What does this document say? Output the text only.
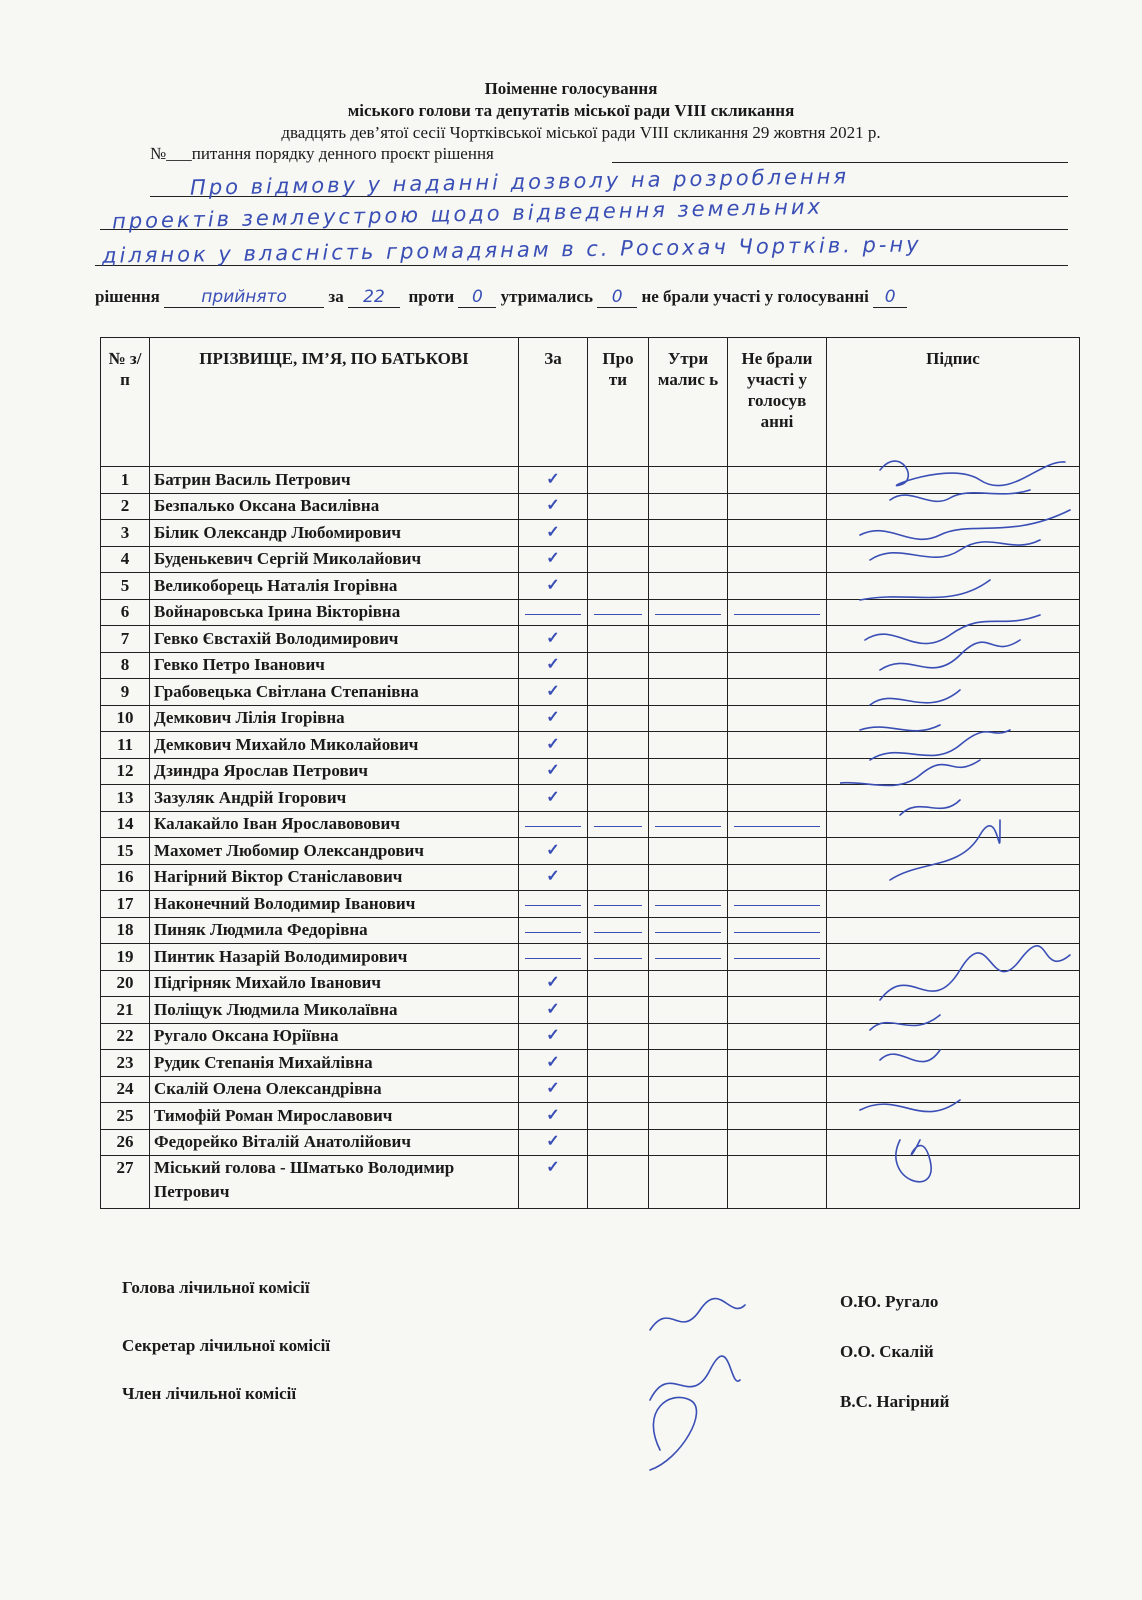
Поіменне голосування
міського голови та депутатів міської ради VIII скликання
двадцять дев’ятої сесії Чортківської міської ради VIII скликання 29 жовтня 2021 р.
№___питання порядку денного проєкт рішення
Про відмову у наданні дозволу на розроблення
проектів землеустрою щодо відведення земельних
ділянок у власність громадянам в с. Росохач Чортків. р-ну
рішення прийнято за 22 проти 0 утримались 0 не брали участі у голосуванні 0
№ з/п	ПРІЗВИЩЕ, ІМ’Я, ПО БАТЬКОВІ	За	Про ти	Утри малис ь	Не брали участі у голосув анні	Підпис
1	Батрин Василь Петрович	✓				
2	Безпалько Оксана Василівна	✓				
3	Білик Олександр Любомирович	✓				
4	Буденькевич Сергій Миколайович	✓				
5	Великоборець Наталія Ігорівна	✓				
6	Войнаровська Ірина Вікторівна					
7	Гевко Євстахій Володимирович	✓				
8	Гевко Петро Іванович	✓				
9	Грабовецька Світлана Степанівна	✓				
10	Демкович Лілія Ігорівна	✓				
11	Демкович Михайло Миколайович	✓				
12	Дзиндра Ярослав Петрович	✓				
13	Зазуляк Андрій Ігорович	✓				
14	Калакайло Іван Ярославовович					
15	Махомет Любомир Олександрович	✓				
16	Нагірний Віктор Станіславович	✓				
17	Наконечний Володимир Іванович					
18	Пиняк Людмила Федорівна					
19	Пинтик Назарій Володимирович					
20	Підгірняк Михайло Іванович	✓				
21	Поліщук Людмила Миколаївна	✓				
22	Ругало Оксана Юріївна	✓				
23	Рудик Степанія Михайлівна	✓				
24	Скалій Олена Олександрівна	✓				
25	Тимофій Роман Мирославович	✓				
26	Федорейко Віталій Анатолійович	✓				
27	Міський голова - Шматько Володимир Петрович	✓				
Голова лічильної комісії
О.Ю. Ругало
Секретар лічильної комісії	О.О. Скалій
Член лічильної комісії	В.С. Нагірний
